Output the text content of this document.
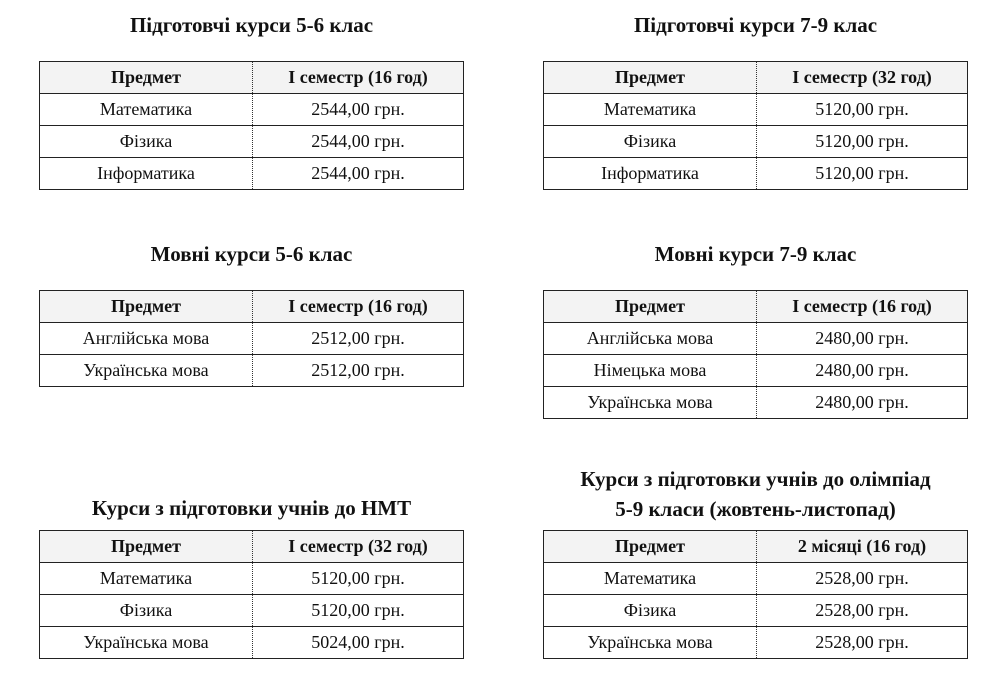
Підготовчі курси 5-6 клас
Предмет	І семестр (16 год)
Математика	2544,00 грн.
Фізика	2544,00 грн.
Інформатика	2544,00 грн.
Підготовчі курси 7-9 клас
Предмет	І семестр (32 год)
Математика	5120,00 грн.
Фізика	5120,00 грн.
Інформатика	5120,00 грн.
Мовні курси 5-6 клас
Предмет	І семестр (16 год)
Англійська мова	2512,00 грн.
Українська мова	2512,00 грн.
Мовні курси 7-9 клас
Предмет	І семестр (16 год)
Англійська мова	2480,00 грн.
Німецька мова	2480,00 грн.
Українська мова	2480,00 грн.
Курси з підготовки учнів до НМТ
Предмет	І семестр (32 год)
Математика	5120,00 грн.
Фізика	5120,00 грн.
Українська мова	5024,00 грн.
Курси з підготовки учнів до олімпіад
5-9 класи (жовтень-листопад)
Предмет	2 місяці (16 год)
Математика	2528,00 грн.
Фізика	2528,00 грн.
Українська мова	2528,00 грн.
